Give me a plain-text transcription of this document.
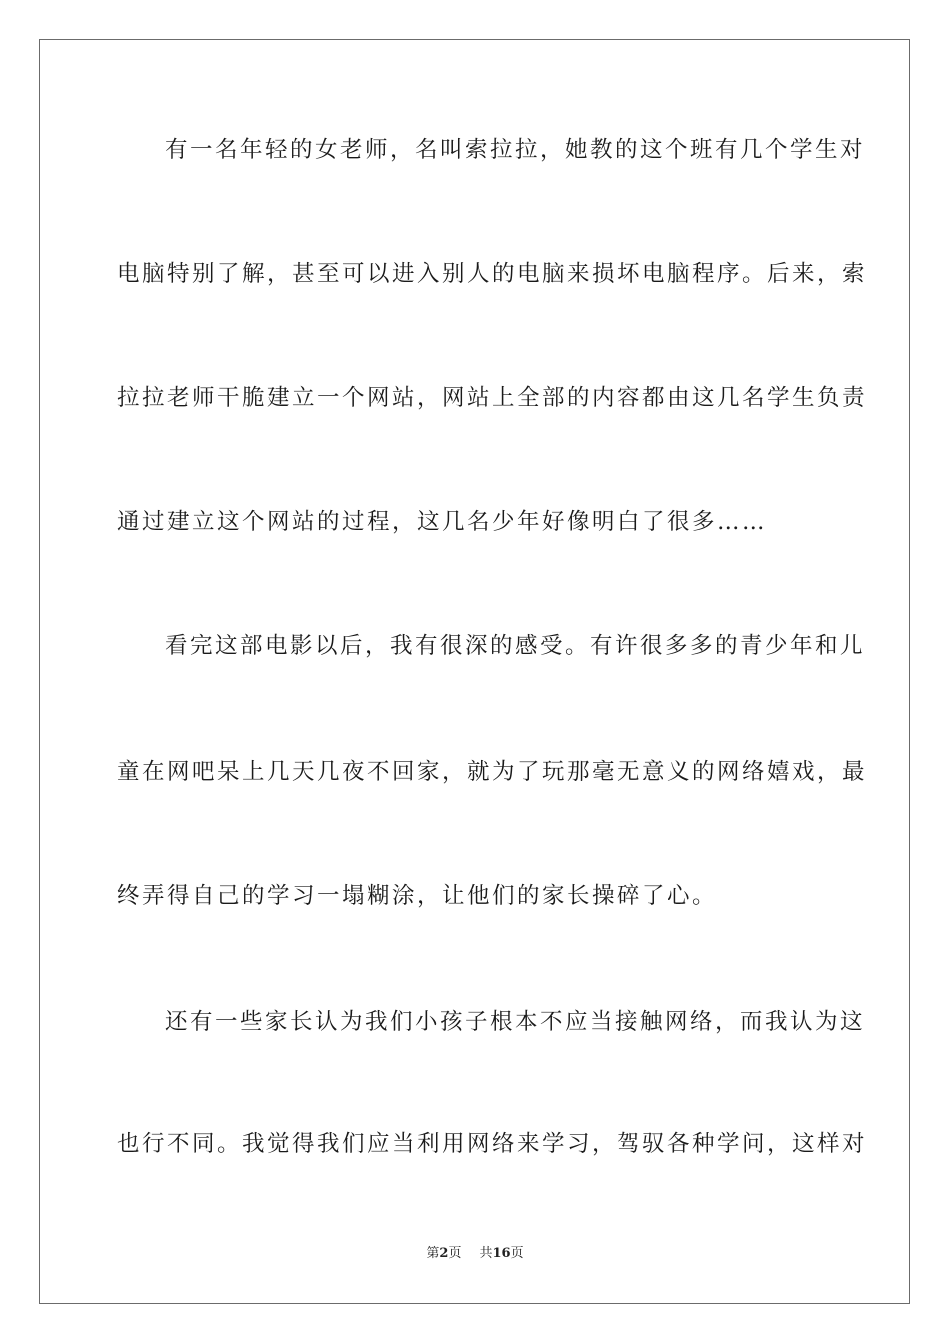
有一名年轻的女老师，名叫索拉拉，她教的这个班有几个学生对
电脑特别了解，甚至可以进入别人的电脑来损坏电脑程序。后来，索
拉拉老师干脆建立一个网站，网站上全部的内容都由这几名学生负责
通过建立这个网站的过程，这几名少年好像明白了很多……
看完这部电影以后，我有很深的感受。有许很多多的青少年和儿
童在网吧呆上几天几夜不回家，就为了玩那毫无意义的网络嬉戏，最
终弄得自己的学习一塌糊涂，让他们的家长操碎了心。
还有一些家长认为我们小孩子根本不应当接触网络，而我认为这
也行不同。我觉得我们应当利用网络来学习，驾驭各种学问，这样对
第2页 共16页
